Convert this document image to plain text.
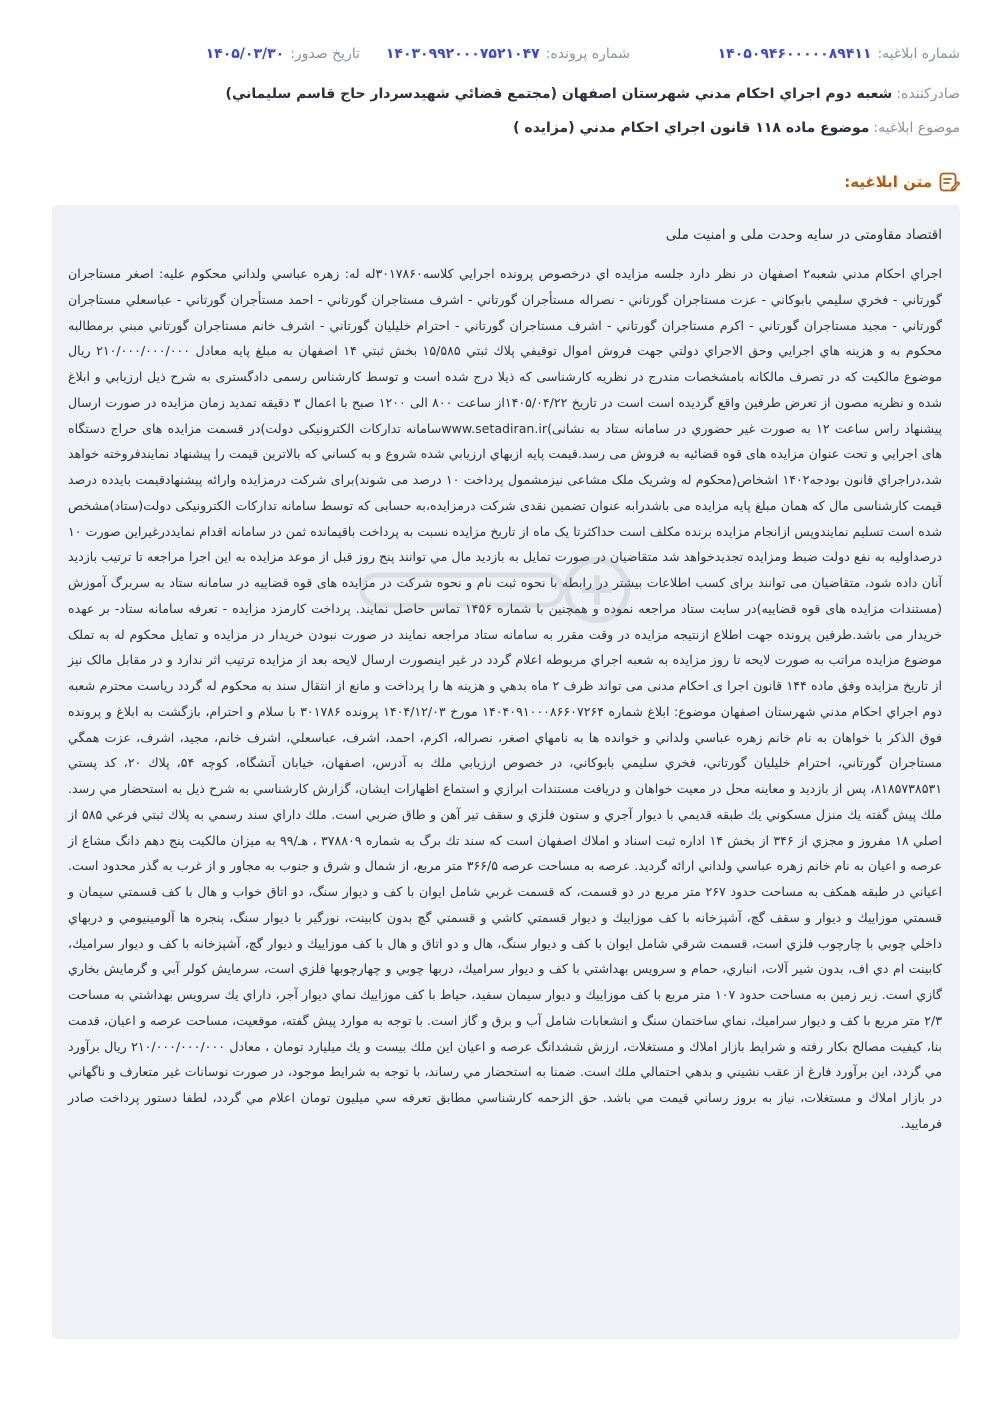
شماره ابلاغيه:۱۴۰۵۰۹۴۶۰۰۰۰۰۸۹۴۱۱
شماره پرونده:۱۴۰۳۰۹۹۲۰۰۰۷۵۲۱۰۴۷
تاريخ صدور:۱۴۰۵/۰۳/۳۰
صادرکننده:شعبه دوم اجراي احكام مدني شهرستان اصفهان (مجتمع قضائي شهيدسردار حاج قاسم سليماني)
موضوع ابلاغيه:موضوع ماده ۱۱۸ قانون اجراي احکام مدني (مزايده )
متن ابلاغيه:
اقتصاد مقاومتی در سایه وحدت ملی و امنیت ملی

اجراي احكام مدني شعبه۲ اصفهان در نظر دارد جلسه مزايده اي درخصوص پرونده اجرايي كلاسه۳۰۱۷۸۶۰له له: زهره عباسي ولداني محکوم عليه: اصغر مستاجران گورتاني - فخري سليمي بابوكاني - عزت مستاجران گورتاني - نصراله مستأجران گورتاني - اشرف مستاجران گورتاني - احمد مستأجران گورتاني - عباسعلي مستاجران گورتاني - مجيد مستاجران گورتاني - اكرم مستاجران گورتاني - اشرف مستاجران گورتاني - احترام خليليان گورتاني - اشرف خانم مستاجران گورتاني مبني برمطالبه محکوم به و هزينه هاي اجرايي وحق الاجراي دولتي جهت فروش اموال توقيفي پلاك ثبتي ۱۵/۵۸۵ بخش ثبتي ۱۴ اصفهان به مبلغ پايه معادل ۲۱۰/۰۰۰/۰۰۰/۰۰۰ ريال موضوع مالكيت كه در تصرف مالكانه بامشخصات مندرج در نظريه كارشناسی كه ذيلا درج شده است و توسط كارشناس رسمی دادگستری به شرح ذیل ارزيابي و ابلاغ شده و نظريه مصون از تعرض طرفين واقع گرديده است است در تاريخ ۱۴۰۵/۰۴/۲۲از ساعت ۸۰۰ الی ۱۲۰۰ صبح با اعمال ۳ دقيقه تمديد زمان مزايده در صورت ارسال پيشنهاد راس ساعت ۱۲ به صورت غير حضوري در سامانه ستاد به نشانی)www.setadiran.irسامانه تدارکات الکترونیکی دولت)در قسمت مزايده های حراج دستگاه های اجرايي و تحت عنوان مزايده های قوه قضائيه به فروش می رسد.قيمت پايه ازبهاي ارزيابي شده شروع و به كساني كه بالاترين قيمت را پيشنهاد نمايندفروخته خواهد شد،دراجراي قانون بودجه۱۴۰۲ اشخاص(محکوم له وشريک ملک مشاعی نيزمشمول پرداخت ۱۰ درصد می شوند)برای شرکت درمزايده وارائه پيشنهادقيمت بايدده درصد قيمت كارشناسی مال که همان مبلغ پايه مزايده می باشدرابه عنوان تضمين نقدی شرکت درمزايده،به حسابی که توسط سامانه تدارکات الکترونيکی دولت(ستاد)مشخص شده است تسليم نمايندوپس ازانجام مزايده برنده مکلف است حداکثرتا يک ماه از تاريخ مزايده نسبت به پرداخت باقيمانده ثمن در سامانه اقدام نمايددرغيراين صورت ۱۰ درصداوليه به نفع دولت ضبط ومزايده تجديدخواهد شد متقاضيان در صورت تمايل به بازديد مال مي توانند پنج روز قبل از موعد مزايده به اين اجرا مراجعه تا ترتيب بازديد آنان داده شود، متقاضيان می توانند برای کسب اطلاعات بيشتر در رابطه با نحوه ثبت نام و نحوه شرکت در مزايده های قوه قضاييه در سامانه ستاد به سربرگ آموزش (مستندات مزايده های قوه قضاييه)در سايت ستاد مراجعه نموده و همچنين با شماره ۱۴۵۶ تماس حاصل نمايند. پرداخت کارمزد مزايده - تعرفه سامانه ستاد- بر عهده خريدار می باشد.طرفین پرونده جهت اطلاع ازنتیجه مزايده در وقت مقرر به سامانه ستاد مراجعه نمايند در صورت نبودن خريدار در مزايده و تمايل محکوم له به تملک موضوع مزايده مراتب به صورت لايحه تا روز مزايده به شعبه اجراي مربوطه اعلام گردد در غير اينصورت ارسال لايحه بعد از مزايده ترتيب اثر ندارد و در مقابل مالک نيز از تاريخ مزايده وفق ماده ۱۴۴ قانون اجرا ی احكام مدنی می تواند ظرف ۲ ماه بدهي و هزينه ها را پرداخت و مانع از انتقال سند به محكوم له گردد رياست محترم شعبه دوم اجراي احكام مدني شهرستان اصفهان موضوع: ابلاغ شماره ۱۴۰۴۰۹۱۰۰۰۸۶۶۰۷۲۶۴ مورخ ۱۴۰۴/۱۲/۰۳ پرونده ۳۰۱۷۸۶ با سلام و احترام، بازگشت به ابلاغ و پرونده فوق الذكر با خواهان به نام خانم زهره عباسي ولداني و خوانده ها به نامهاي اصغر، نصراله، اكرم، احمد، اشرف، عباسعلي، اشرف خانم، مجيد، اشرف، عزت همگي مستاجران گورتاني، احترام خليليان گورتاني، فخري سليمي بابوكاني، در خصوص ارزيابي ملك به آدرس، اصفهان، خيابان آتشگاه، كوچه ۵۴، پلاك ۲۰، كد پستي ۸۱۸۵۷۳۸۵۳۱، پس از بازديد و معاينه محل در معيت خواهان و دريافت مستندات ابرازي و استماع اظهارات ايشان، گزارش كارشناسي به شرح ذيل به استحضار مي رسد. ملك پيش گفته يك منزل مسكوني يك طبقه قديمي با ديوار آجري و ستون فلزي و سقف تير آهن و طاق ضربي است. ملك داراي سند رسمي به پلاك ثبتي فرعي ۵۸۵ از اصلي ۱۸ مفروز و مجزي از ۳۴۶ از بخش ۱۴ اداره ثبت اسناد و املاك اصفهان است كه سند تك برگ به شماره ۳۷۸۸۰۹ ، هـ/۹۹ به ميزان مالكيت پنج دهم دانگ مشاع از عرصه و اعيان به نام خانم زهره عباسي ولداني ارائه گرديد. عرصه به مساحت عرصه ۳۶۶/۵ متر مربع، از شمال و شرق و جنوب به مجاور و از غرب به گذر محدود است. اعياني در طبقه همكف به مساحت حدود ۲۶۷ متر مربع در دو قسمت، كه قسمت غربي شامل ايوان با كف و ديوار سنگ، دو اتاق خواب و هال با كف قسمتي سيمان و قسمتي موزاييك و ديوار و سقف گچ، آشپزخانه با كف موزاييك و ديوار قسمتي كاشي و قسمتي گچ بدون كابينت، نورگير با ديوار سنگ، پنجره ها آلومينيومي و دربهاي داخلي چوبي با چارچوب فلزي است، قسمت شرقي شامل ايوان با كف و ديوار سنگ، هال و دو اتاق و هال با كف موزاييك و ديوار گچ، آشپزخانه با كف و ديوار سراميك، كابينت ام دي اف، بدون شير آلات، انباري، حمام و سرويس بهداشتي با كف و ديوار سراميك، دربها چوبي و چهارچوبها فلزي است، سرمايش كولر آبي و گرمايش بخاري گازي است. زير زمين به مساحت حدود ۱۰۷ متر مربع با كف موزاييك و ديوار سيمان سفيد، حياط با كف موزاييك نماي ديوار آجر، داراي يك سرويس بهداشتي به مساحت ۲/۳ متر مربع با كف و ديوار سراميك، نماي ساختمان سنگ و انشعابات شامل آب و برق و گاز است. با توجه به موارد پيش گفته، موقعيت، مساحت عرصه و اعيان، قدمت بنا، كيفيت مصالح بكار رفته و شرايط بازار املاك و مستغلات، ارزش ششدانگ عرصه و اعيان اين ملك بيست و يك ميليارد تومان ، معادل ۲۱۰/۰۰۰/۰۰۰/۰۰۰ ريال برآورد مي گردد، اين برآورد فارغ از عقب نشيني و بدهي احتمالي ملك است. ضمنا به استحضار مي رساند، با توجه به شرايط موجود، در صورت نوسانات غير متعارف و ناگهاني در بازار املاك و مستغلات، نياز به بروز رساني قيمت مي باشد. حق الزحمه كارشناسي مطابق تعرفه سي ميليون تومان اعلام مي گردد، لطفا دستور پرداخت صادر فرماييد.
